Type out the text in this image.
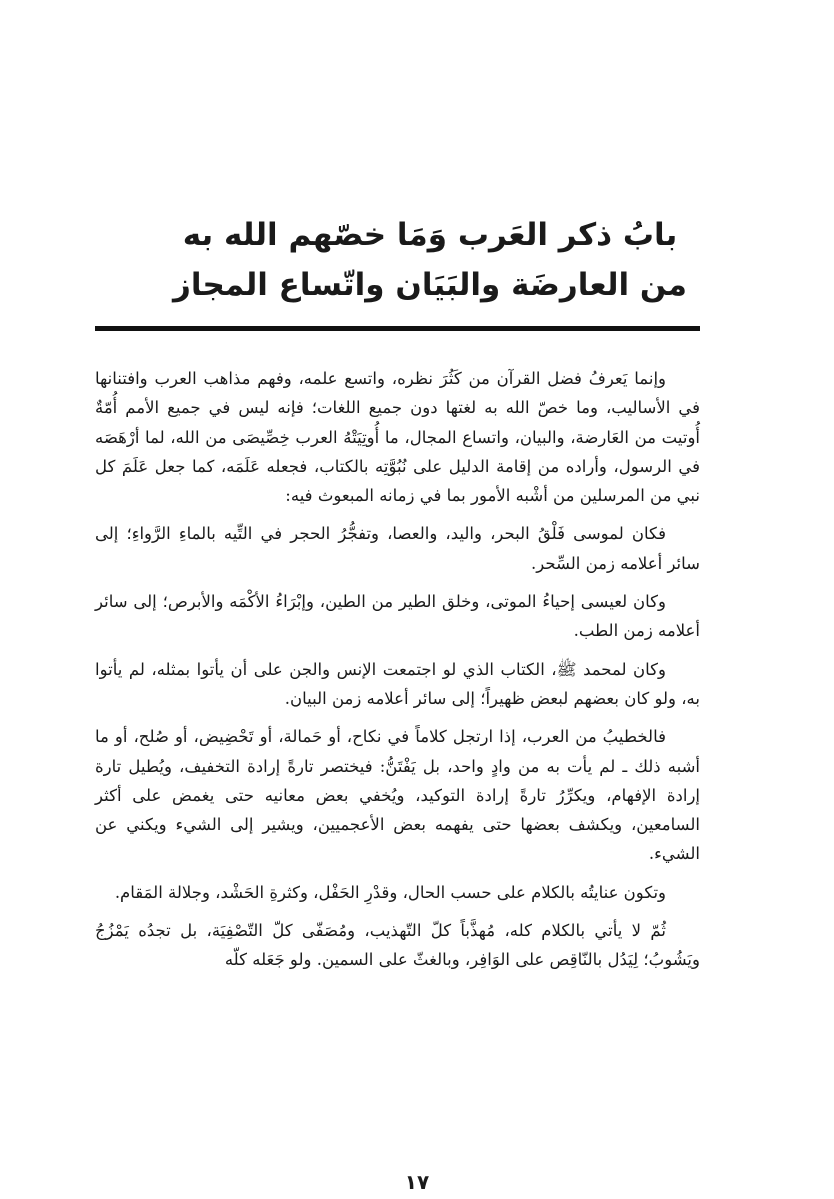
بابُ ذكر العَرب وَمَا خصّهم الله به

من العارضَة والبَيَان واتّساع المجاز

وإنما يَعرفُ فضل القرآن من كَثُرَ نظره، واتسع علمه، وفهم مذاهب العرب وافتنانها في الأساليب، وما خصّ الله به لغتها دون جميع اللغات؛ فإنه ليس في جميع الأمم أُمّةٌ أُوتيت من العَارضة، والبيان، واتساع المجال، ما أُوتِيَتْهُ العرب خِصِّيصَى من الله، لما أرْهَصَه في الرسول، وأراده من إقامة الدليل على نُبُوَّتِه بالكتاب، فجعله عَلَمَه، كما جعل عَلَمَ كل نبي من المرسلين من أشْبه الأمور بما في زمانه المبعوث فيه:

فكان لموسى فَلْقُ البحر، واليد، والعصا، وتفجُّرُ الحجر في التِّيه بالماءِ الرَّواءِ؛ إلى سائر أعلامه زمن السِّحر.

وكان لعيسى إحياءُ الموتى، وخلق الطير من الطين، وإبْرَاءُ الأكْمَه والأبرص؛ إلى سائر أعلامه زمن الطب.

وكان لمحمد ﷺ، الكتاب الذي لو اجتمعت الإنس والجن على أن يأتوا بمثله، لم يأتوا به، ولو كان بعضهم لبعض ظهيراً؛ إلى سائر أعلامه زمن البيان.

فالخطيبُ من العرب، إذا ارتجل كلاماً في نكاح، أو حَمالة، أو تَحْضِيض، أو صُلح، أو ما أشبه ذلك ـ لم يأت به من وادٍ واحد، بل يَفْتَنُّ: فيختصر تارةً إرادة التخفيف، ويُطيل تارة إرادة الإفهام، ويكرِّرُ تارةً إرادة التوكيد، ويُخفي بعض معانيه حتى يغمض على أكثر السامعين، ويكشف بعضها حتى يفهمه بعض الأعجميين، ويشير إلى الشيء ويكني عن الشيء.

وتكون عنايتُه بالكلام على حسب الحال، وقدْرِ الحَفْل، وكثرةِ الحَشْد، وجلالة المَقام.

ثُمّ لا يأتي بالكلام كله، مُهذَّباً كلّ التّهذيب، ومُصَفّى كلّ التّصْفِيَة، بل تجدُه يَمْزُجُ ويَشُوبُ؛ لِيَدُل بالنّاقِص على الوَافِر، وبالغثّ على السمين. ولو جَعَله كلّه

١٧
